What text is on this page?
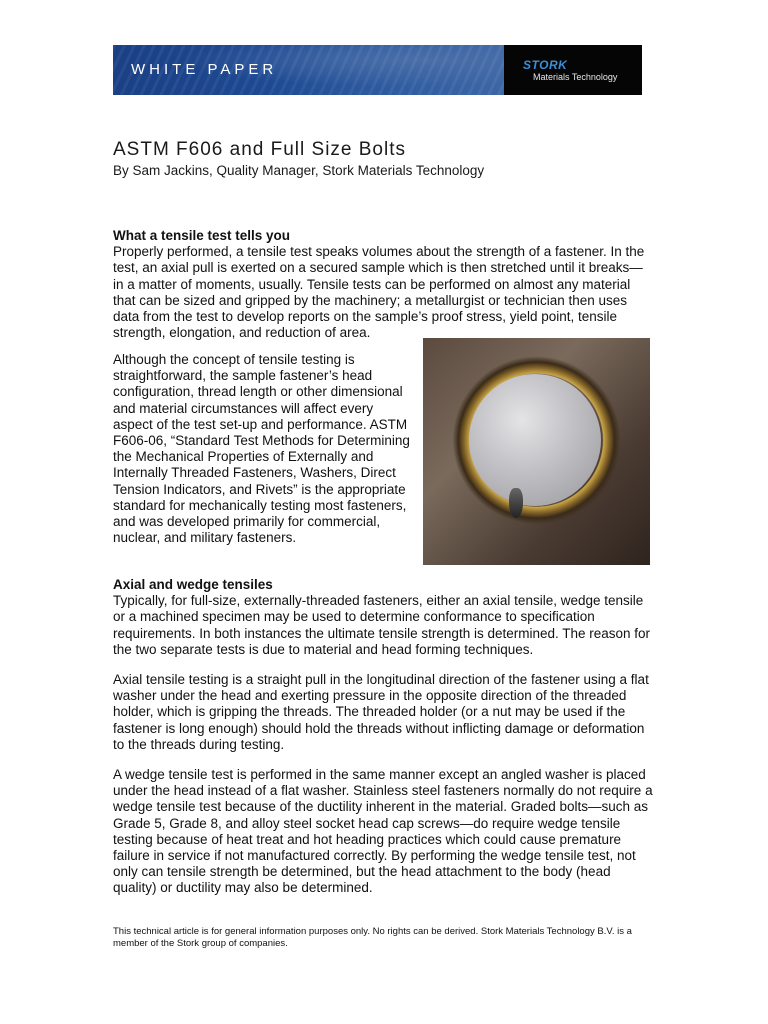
WHITE PAPER	STORK
Materials Technology
ASTM F606 and Full Size Bolts

By Sam Jackins, Quality Manager, Stork Materials Technology

What a tensile test tells you

Properly performed, a tensile test speaks volumes about the strength of a fastener. In the test, an axial pull is exerted on a secured sample which is then stretched until it breaks—in a matter of moments, usually. Tensile tests can be performed on almost any material that can be sized and gripped by the machinery; a metallurgist or technician then uses data from the test to develop reports on the sample’s proof stress, yield point, tensile strength, elongation, and reduction of area.

Although the concept of tensile testing is straightforward, the sample fastener’s head configuration, thread length or other dimensional and material circumstances will affect every aspect of the test set-up and performance. ASTM F606-06, “Standard Test Methods for Determining the Mechanical Properties of Externally and Internally Threaded Fasteners, Washers, Direct Tension Indicators, and Rivets” is the appropriate standard for mechanically testing most fasteners, and was developed primarily for commercial, nuclear, and military fasteners.

Axial and wedge tensiles

Typically, for full-size, externally-threaded fasteners, either an axial tensile, wedge tensile or a machined specimen may be used to determine conformance to specification requirements. In both instances the ultimate tensile strength is determined. The reason for the two separate tests is due to material and head forming techniques.

Axial tensile testing is a straight pull in the longitudinal direction of the fastener using a flat washer under the head and exerting pressure in the opposite direction of the threaded holder, which is gripping the threads. The threaded holder (or a nut may be used if the fastener is long enough) should hold the threads without inflicting damage or deformation to the threads during testing.

A wedge tensile test is performed in the same manner except an angled washer is placed under the head instead of a flat washer. Stainless steel fasteners normally do not require a wedge tensile test because of the ductility inherent in the material. Graded bolts—such as Grade 5, Grade 8, and alloy steel socket head cap screws—do require wedge tensile testing because of heat treat and hot heading practices which could cause premature failure in service if not manufactured correctly. By performing the wedge tensile test, not only can tensile strength be determined, but the head attachment to the body (head quality) or ductility may also be determined.

This technical article is for general information purposes only. No rights can be derived. Stork Materials Technology B.V. is a member of the Stork group of companies.
